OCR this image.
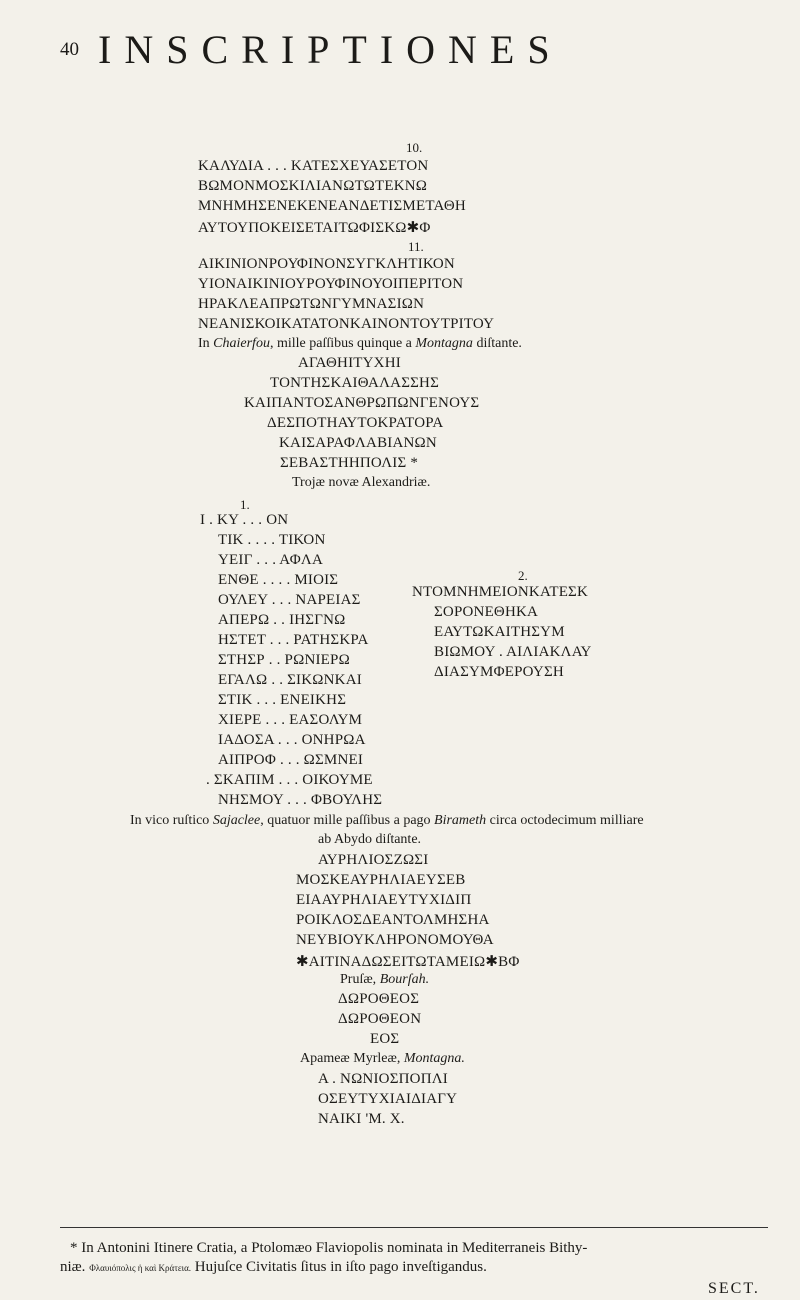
40 INSCRIPTIONES
10.
ΚΑΛΥΔΙΑ . . . ΚΑΤΕΣΧΕΥΑΣΕΤΟΝ
ΒΩΜΟΝΜΟΣΚΙΛΙΑΝΩΤΩΤΕΚΝΩ
ΜΝΗΜΗΣΕΝΕΚΕΝΕΑΝΔΕΤΙΣΜΕΤΑΘΗ
ΑΥΤΟΥΠΟΚΕΙΣΕΤΑΙΤΩΦΙΣΚΩ✱Φ
11.
ΑΙΚΙΝΙΟΝΡΟΥΦΙΝΟΝΣΥΓΚΛΗΤΙΚΟΝ
ΥΙΟΝΑΙΚΙΝΙΟΥΡΟΥΦΙΝΟΥΟΙΠΕΡΙΤΟΝ
ΗΡΑΚΛΕΑΠΡΩΤΩΝΓΥΜΝΑΣΙΩΝ
ΝΕΑΝΙΣΚΟΙΚΑΤΑΤΟΝΚΑΙΝΟΝΤΟΥΤΡΙΤΟΥ
In Chaierfou, mille paſſibus quinque a Montagna diſtante.
ΑΓΑΘΗΙΤΥΧΗΙ
ΤΟΝΤΗΣΚΑΙΘΑΛΑΣΣΗΣ
ΚΑΙΠΑΝΤΟΣΑΝΘΡΩΠΩΝΓΕΝΟΥΣ
ΔΕΣΠΟΤΗΑΥΤΟΚΡΑΤΟΡΑ
ΚΑΙΣΑΡΑΦΛΑΒΙΑΝΩΝ
ΣΕΒΑΣΤΗΗΠΟΛΙΣ *
Trojæ novæ Alexandriæ.
1.
Ι . ΚΥ . . . ΟΝ
ΤΙΚ . . . . ΤΙΚΟΝ
ΥΕΙΓ . . . ΑΦΛΑ
ΕΝΘΕ . . . . ΜΙΟΙΣ
ΟΥΛΕΥ . . . ΝΑΡΕΙΑΣ
ΑΠΕΡΩ . . ΙΗΣΓΝΩ
ΗΣΤΕΤ . . . ΡΑΤΗΣΚΡΑ
ΣΤΗΣΡ . . ΡΩΝΙΕΡΩ
ΕΓΑΛΩ . . ΣΙΚΩΝΚΑΙ
ΣΤΙΚ . . . ΕΝΕΙΚΗΣ
ΧΙΕΡΕ . . . ΕΑΣΟΛΥΜ
ΙΑΔΟΣΑ . . . ΟΝΗΡΩΑ
ΑΙΠΡΟΦ . . . ΩΣΜΝΕΙ
. ΣΚΑΠΙΜ . . . ΟΙΚΟΥΜΕ
ΝΗΣΜΟΥ . . . ΦΒΟΥΛΗΣ
2.
ΝΤΟΜΝΗΜΕΙΟΝΚΑΤΕΣΚ
ΣΟΡΟΝΕΘΗΚΑ
ΕΑΥΤΩΚΑΙΤΗΣΥΜ
ΒΙΩΜΟΥ . ΑΙΛΙΑΚΛΑΥ
ΔΙΑΣΥΜΦΕΡΟΥΣΗ
In vico ruſtico Sajaclee, quatuor mille paſſibus a pago Birameth circa octodecimum milliare
ab Abydo diſtante.
ΑΥΡΗΛΙΟΣΖΩΣΙ
ΜΟΣΚΕΑΥΡΗΛΙΑΕΥΣΕΒ
ΕΙΑΑΥΡΗΛΙΑΕΥΤΥΧΙΔΙΠ
ΡΟΙΚΛΟΣΔΕΑΝΤΟΛΜΗΣΗΑ
ΝΕΥΒΙΟΥΚΛΗΡΟΝΟΜΟΥΘΑ
✱ΑΙΤΙΝΑΔΩΣΕΙΤΩΤΑΜΕΙΩ✱ΒΦ
Pruſæ, Bourſah.
ΔΩΡΟΘΕΟΣ
ΔΩΡΟΘΕΟΝ
ΕΟΣ
Apameæ Myrleæ, Montagna.
Α . ΝΩΝΙΟΣΠΟΠΛΙ
ΟΣΕΥΤΥΧΙΑΙΔΙΑΓΥ
ΝΑΙΚΙ 'Μ. Χ.
* In Antonini Itinere Cratia, a Ptolomæo Flaviopolis nominata in Mediterraneis Bithy-
niæ. Φλαυιόπολις ἡ καὶ Κράτεια. Hujuſce Civitatis ſitus in iſto pago inveſtigandus.
SECT.
